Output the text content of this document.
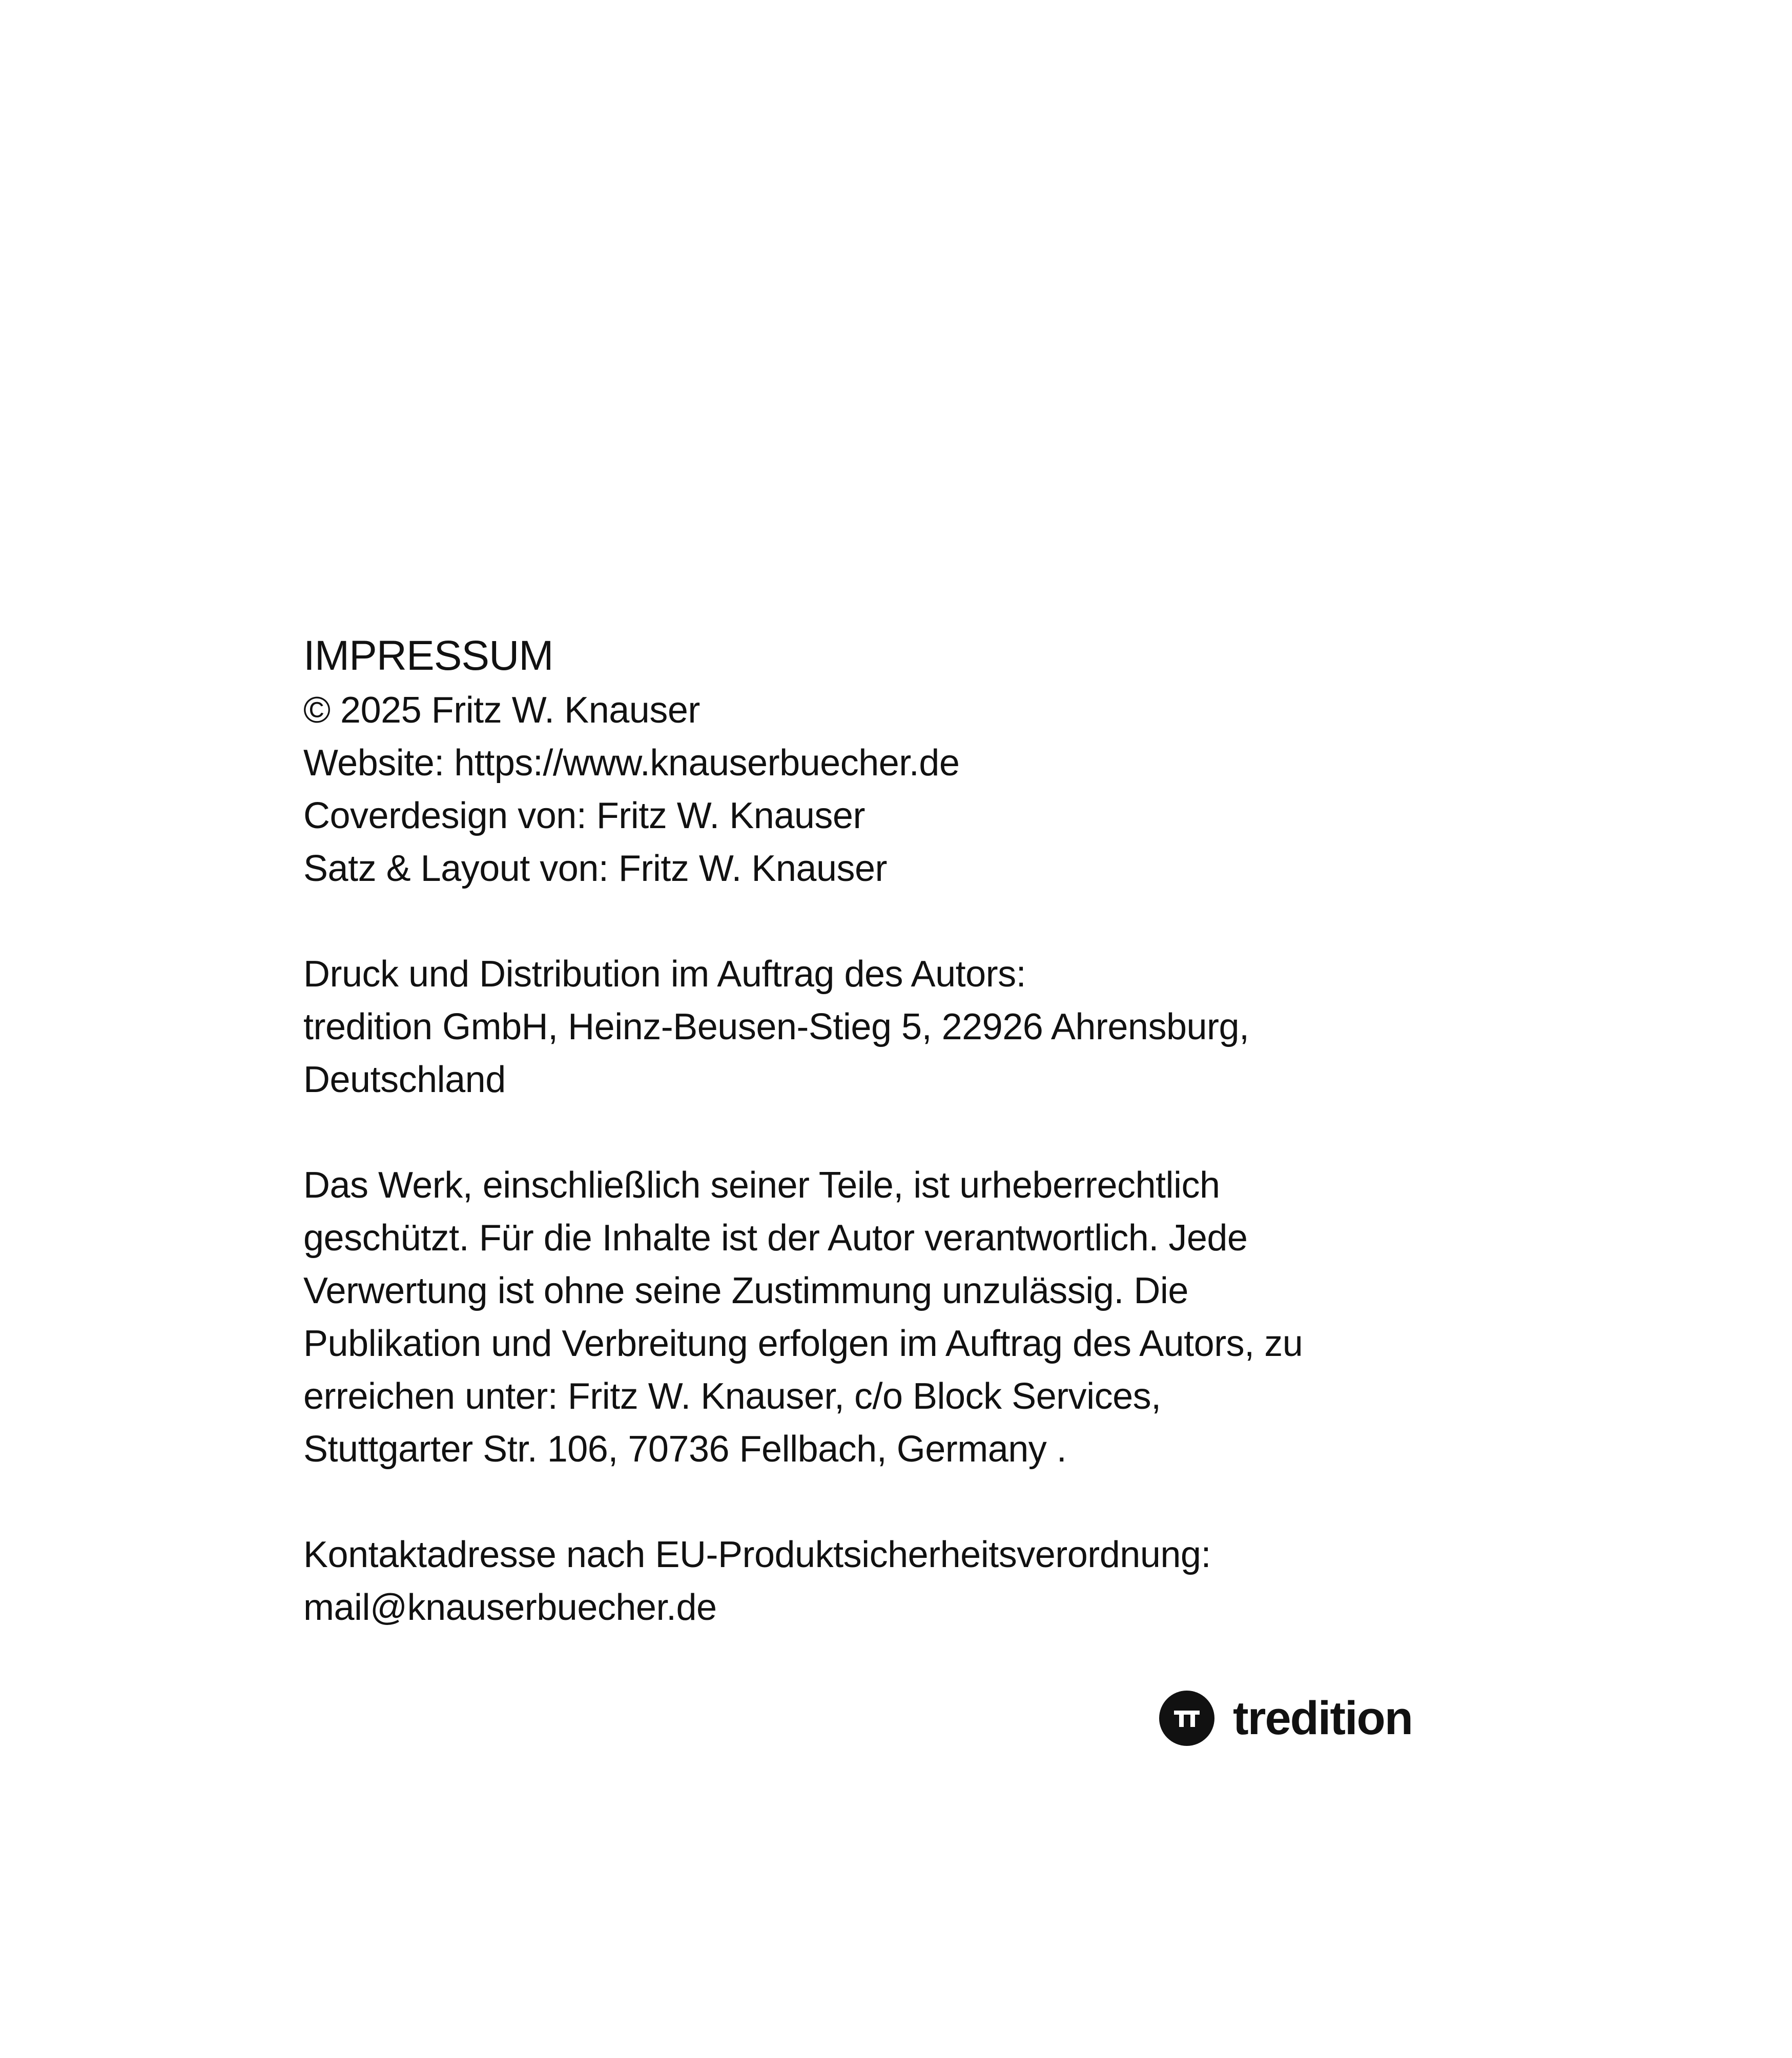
IMPRESSUM
© 2025 Fritz W. Knauser
Website: https://www.knauserbuecher.de
Coverdesign von: Fritz W. Knauser
Satz & Layout von: Fritz W. Knauser
Druck und Distribution im Auftrag des Autors:
tredition GmbH, Heinz-Beusen-Stieg 5, 22926 Ahrensburg,
Deutschland
Das Werk, einschließlich seiner Teile, ist urheberrechtlich
geschützt. Für die Inhalte ist der Autor verantwortlich. Jede
Verwertung ist ohne seine Zustimmung unzulässig. Die
Publikation und Verbreitung erfolgen im Auftrag des Autors, zu
erreichen unter: Fritz W. Knauser, c/o Block Services,
Stuttgarter Str. 106, 70736 Fellbach, Germany .
Kontaktadresse nach EU-Produktsicherheitsverordnung:
mail@knauserbuecher.de
tredition
